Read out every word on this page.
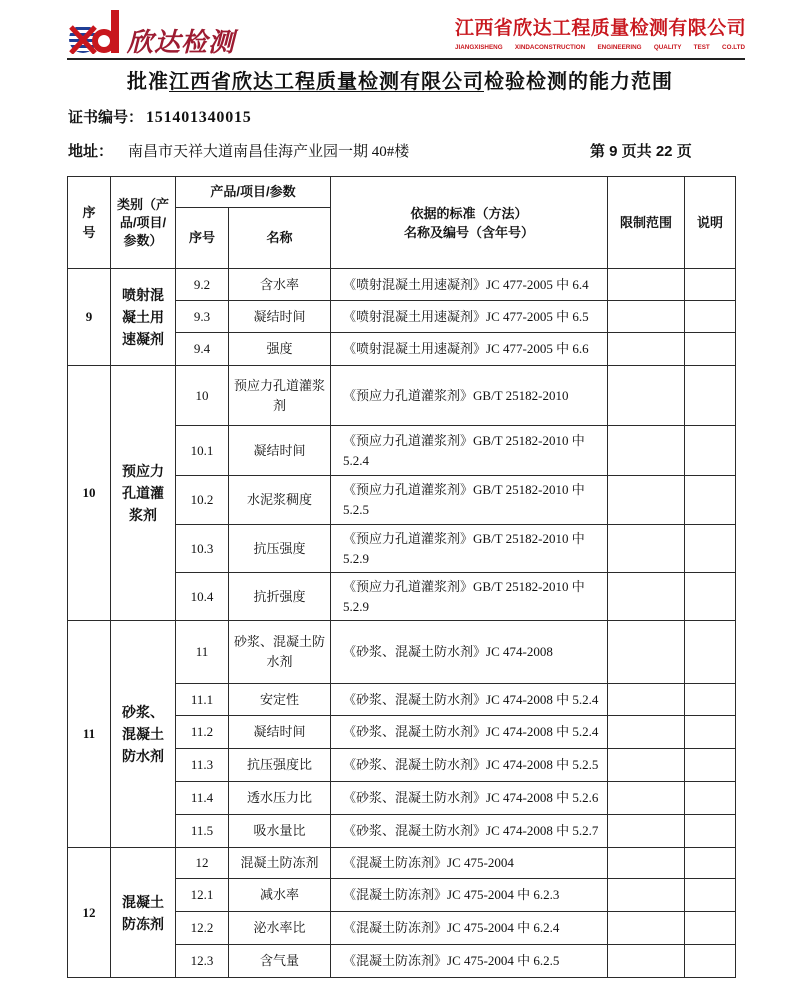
欣达检测	江西省欣达工程质量检测有限公司
JIANGXISHENG XINDACONSTRUCTION ENGINEERING QUALITY TEST CO.LTD
批准江西省欣达工程质量检测有限公司检验检测的能力范围
证书编号： 151401340015
地址： 南昌市天祥大道南昌佳海产业园一期 40#楼	第 9 页共 22 页
序号	类别（产品/项目/参数）	产品/项目/参数		依据的标准（方法）
名称及编号（含年号）	限制范围	说明
		序号	名称			

9	喷射混凝土用速凝剂	9.2	含水率	《喷射混凝土用速凝剂》JC 477-2005 中 6.4		

		9.3	凝结时间	《喷射混凝土用速凝剂》JC 477-2005 中 6.5		

		9.4	强度	《喷射混凝土用速凝剂》JC 477-2005 中 6.6		

10	预应力孔道灌浆剂	10	预应力孔道灌浆剂	《预应力孔道灌浆剂》GB/T 25182-2010		

		10.1	凝结时间	《预应力孔道灌浆剂》GB/T 25182-2010 中 5.2.4		

		10.2	水泥浆稠度	《预应力孔道灌浆剂》GB/T 25182-2010 中 5.2.5		

		10.3	抗压强度	《预应力孔道灌浆剂》GB/T 25182-2010 中 5.2.9		

		10.4	抗折强度	《预应力孔道灌浆剂》GB/T 25182-2010 中 5.2.9		

11	砂浆、混凝土防水剂	11	砂浆、混凝土防水剂	《砂浆、混凝土防水剂》JC 474-2008		

		11.1	安定性	《砂浆、混凝土防水剂》JC 474-2008 中 5.2.4		

		11.2	凝结时间	《砂浆、混凝土防水剂》JC 474-2008 中 5.2.4		

		11.3	抗压强度比	《砂浆、混凝土防水剂》JC 474-2008 中 5.2.5		

		11.4	透水压力比	《砂浆、混凝土防水剂》JC 474-2008 中 5.2.6		

		11.5	吸水量比	《砂浆、混凝土防水剂》JC 474-2008 中 5.2.7		

12	混凝土防冻剂	12	混凝土防冻剂	《混凝土防冻剂》JC 475-2004		

		12.1	减水率	《混凝土防冻剂》JC 475-2004 中 6.2.3		

		12.2	泌水率比	《混凝土防冻剂》JC 475-2004 中 6.2.4		

		12.3	含气量	《混凝土防冻剂》JC 475-2004 中 6.2.5		
